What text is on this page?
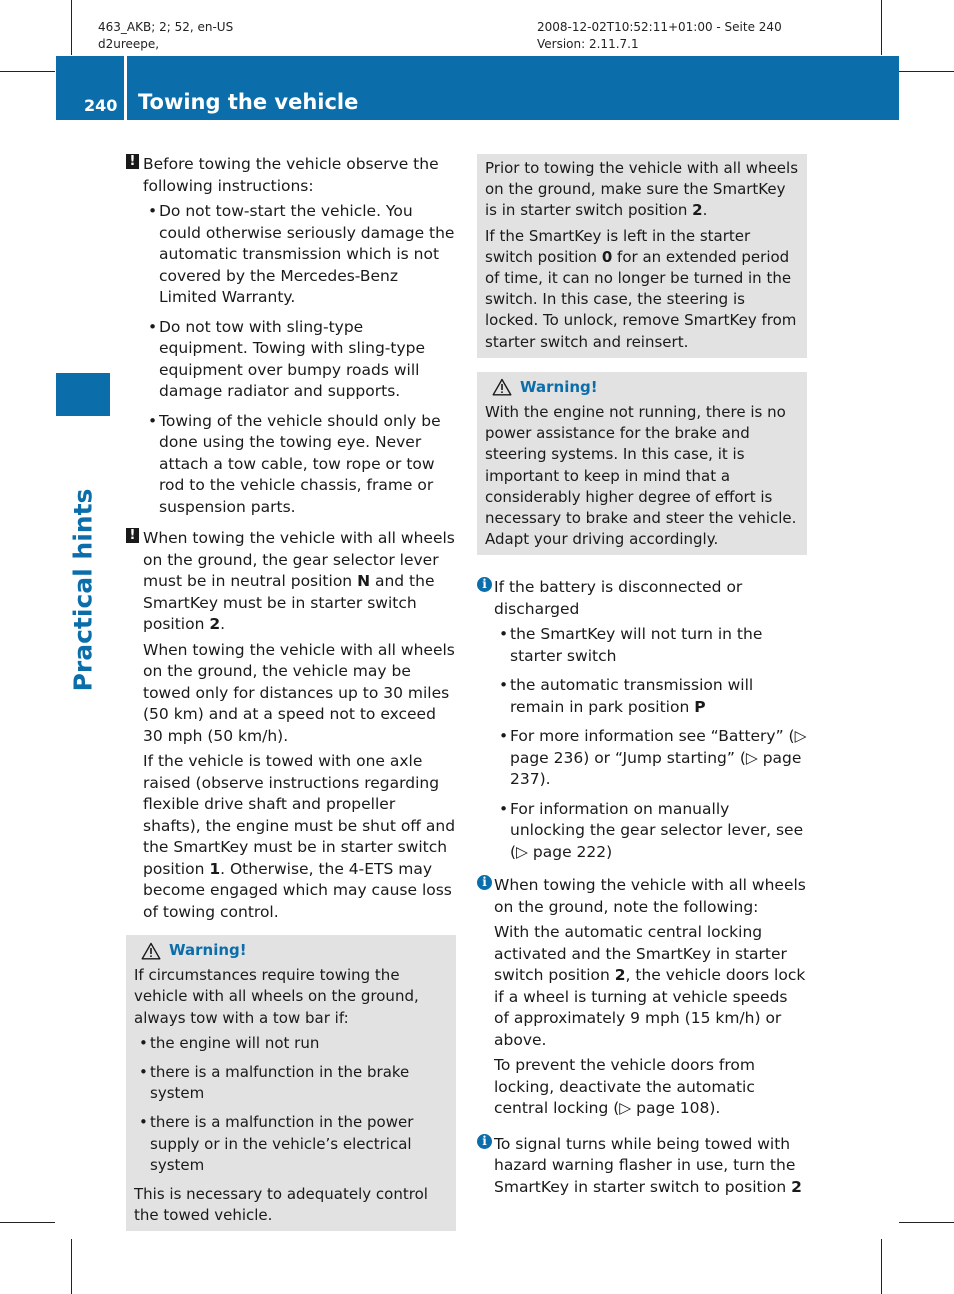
463_AKB; 2; 52, en-US
d2ureepe,
2008-12-02T10:52:11+01:00 - Seite 240
Version: 2.11.7.1
240 Towing the vehicle
Practical hints
! Before towing the vehicle observe the following instructions:

• Do not tow-start the vehicle. You could otherwise seriously damage the automatic transmission which is not covered by the Mercedes-Benz Limited Warranty.
• Do not tow with sling-type equipment. Towing with sling-type equipment over bumpy roads will damage radiator and supports.
• Towing of the vehicle should only be done using the towing eye. Never attach a tow cable, tow rope or tow rod to the vehicle chassis, frame or suspension parts.
! When towing the vehicle with all wheels on the ground, the gear selector lever must be in neutral position N and the SmartKey must be in starter switch position 2.

When towing the vehicle with all wheels on the ground, the vehicle may be towed only for distances up to 30 miles (50 km) and at a speed not to exceed 30 mph (50 km/h).

If the vehicle is towed with one axle raised (observe instructions regarding flexible drive shaft and propeller shafts), the engine must be shut off and the SmartKey must be in starter switch position 1. Otherwise, the 4-ETS may become engaged which may cause loss of towing control.

Warning!

If circumstances require towing the vehicle with all wheels on the ground, always tow with a tow bar if:

• the engine will not run
• there is a malfunction in the brake system
• there is a malfunction in the power supply or in the vehicle’s electrical system

This is necessary to adequately control the towed vehicle.

Prior to towing the vehicle with all wheels on the ground, make sure the SmartKey is in starter switch position 2.

If the SmartKey is left in the starter switch position 0 for an extended period of time, it can no longer be turned in the switch. In this case, the steering is locked. To unlock, remove SmartKey from starter switch and reinsert.

Warning!

With the engine not running, there is no power assistance for the brake and steering systems. In this case, it is important to keep in mind that a considerably higher degree of effort is necessary to brake and steer the vehicle. Adapt your driving accordingly.

i If the battery is disconnected or discharged

• the SmartKey will not turn in the starter switch
• the automatic transmission will remain in park position P
• For more information see “Battery” (▷ page 236) or “Jump starting” (▷ page 237).
• For information on manually unlocking the gear selector lever, see (▷ page 222)
i When towing the vehicle with all wheels on the ground, note the following:

With the automatic central locking activated and the SmartKey in starter switch position 2, the vehicle doors lock if a wheel is turning at vehicle speeds of approximately 9 mph (15 km/h) or above.

To prevent the vehicle doors from locking, deactivate the automatic central locking (▷ page 108).

i To signal turns while being towed with hazard warning flasher in use, turn the SmartKey in starter switch to position 2
